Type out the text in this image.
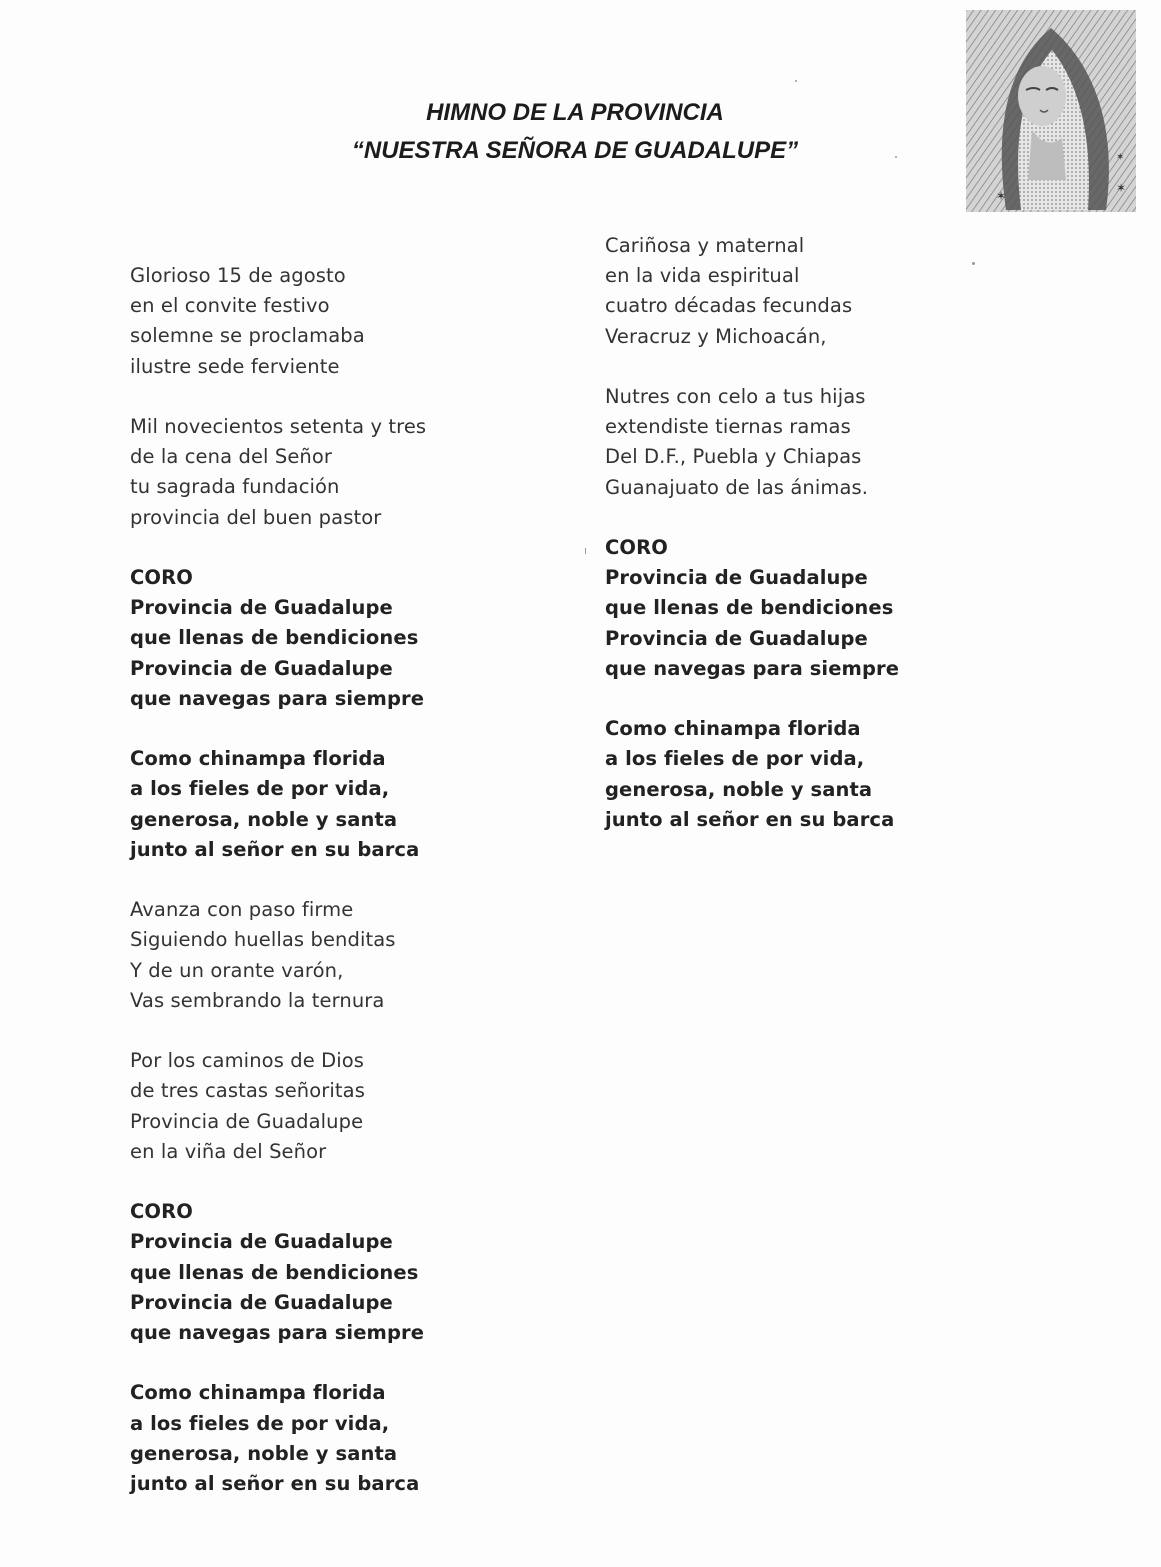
HIMNO DE LA PROVINCIA
“NUESTRA SEÑORA DE GUADALUPE”
✶
✶
✶
Glorioso 15 de agosto
en el convite festivo
solemne se proclamaba
ilustre sede ferviente
Mil novecientos setenta y tres
de la cena del Señor
tu sagrada fundación
provincia del buen pastor
CORO
Provincia de Guadalupe
que llenas de bendiciones
Provincia de Guadalupe
que navegas para siempre
Como chinampa florida
a los fieles de por vida,
generosa, noble y santa
junto al señor en su barca
Avanza con paso firme
Siguiendo huellas benditas
Y de un orante varón,
Vas sembrando la ternura
Por los caminos de Dios
de tres castas señoritas
Provincia de Guadalupe
en la viña del Señor
CORO
Provincia de Guadalupe
que llenas de bendiciones
Provincia de Guadalupe
que navegas para siempre
Como chinampa florida
a los fieles de por vida,
generosa, noble y santa
junto al señor en su barca
Cariñosa y maternal
en la vida espiritual
cuatro décadas fecundas
Veracruz y Michoacán,
Nutres con celo a tus hijas
extendiste tiernas ramas
Del D.F., Puebla y Chiapas
Guanajuato de las ánimas.
CORO
Provincia de Guadalupe
que llenas de bendiciones
Provincia de Guadalupe
que navegas para siempre
Como chinampa florida
a los fieles de por vida,
generosa, noble y santa
junto al señor en su barca
